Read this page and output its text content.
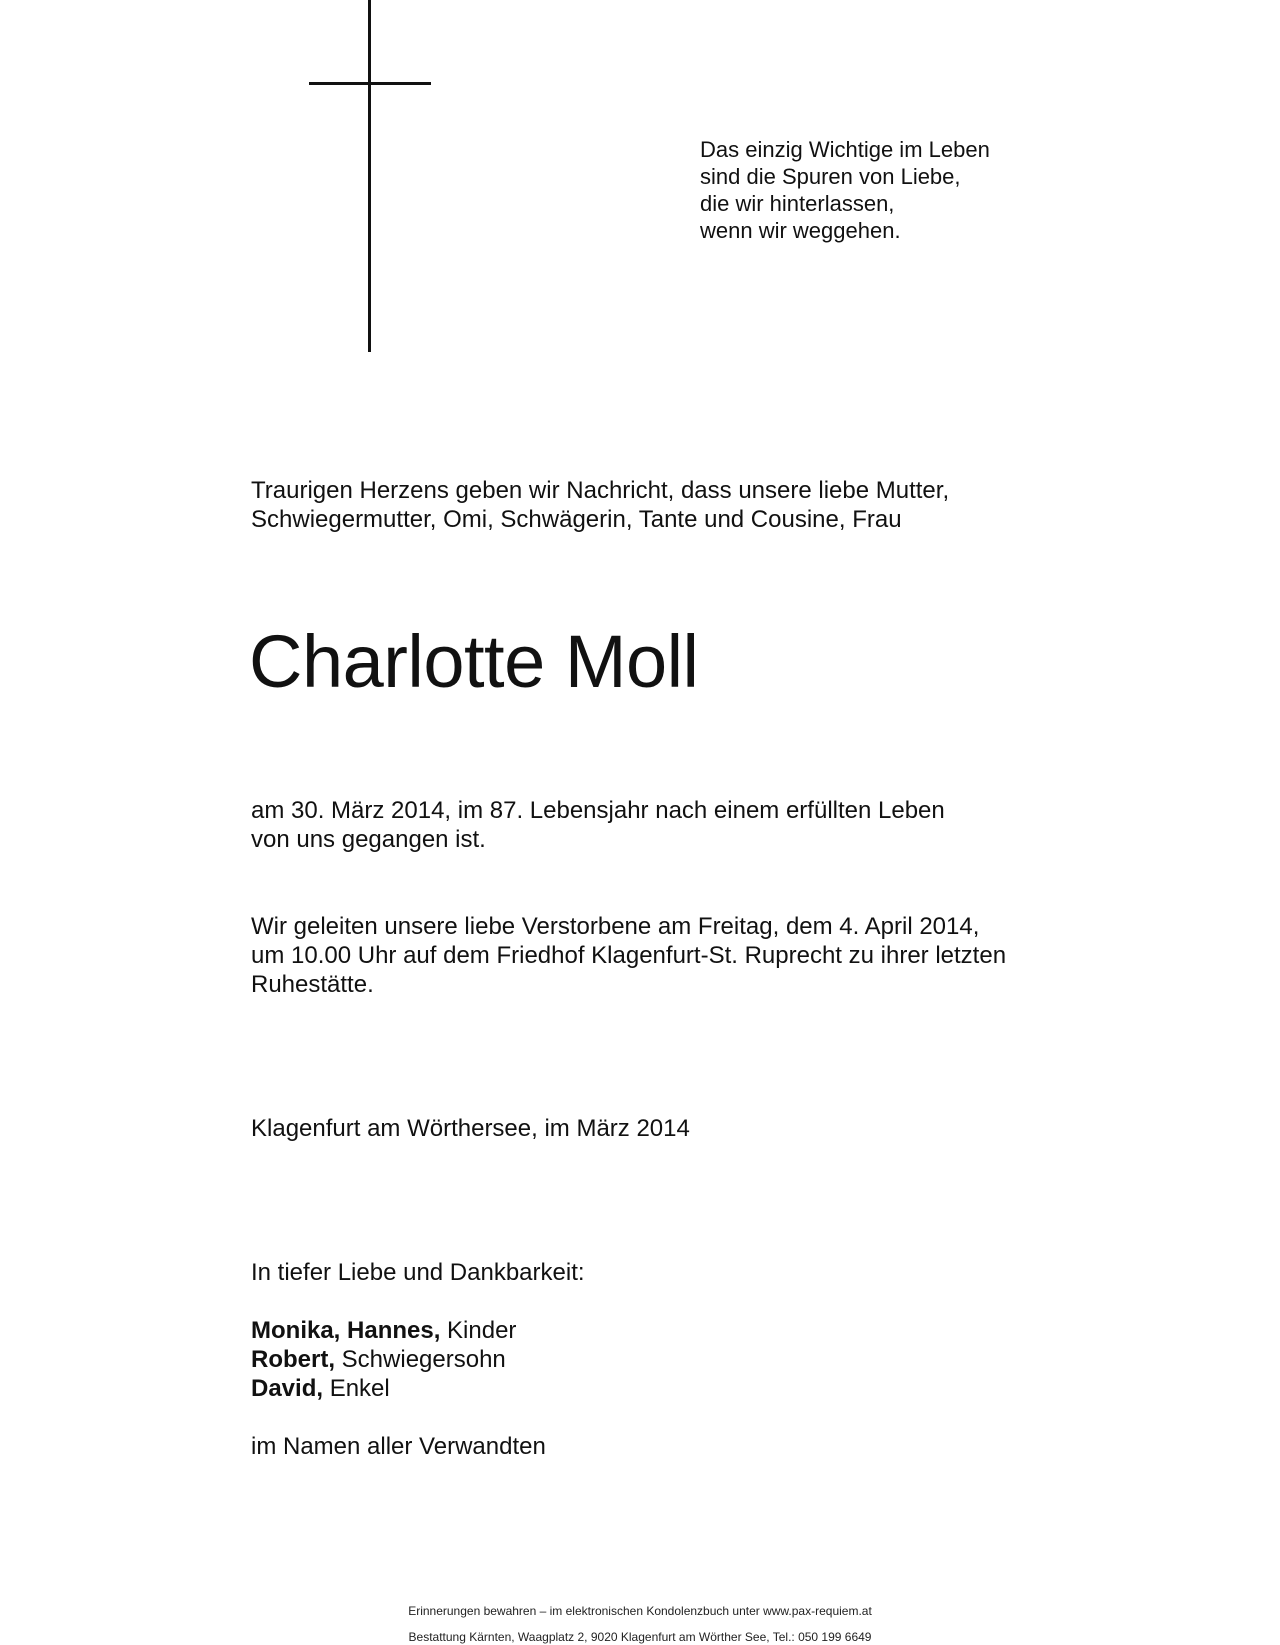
Das einzig Wichtige im Leben
sind die Spuren von Liebe,
die wir hinterlassen,
wenn wir weggehen.
Traurigen Herzens geben wir Nachricht, dass unsere liebe Mutter,
Schwiegermutter, Omi, Schwägerin, Tante und Cousine, Frau
Charlotte Moll
am 30. März 2014, im 87. Lebensjahr nach einem erfüllten Leben
von uns gegangen ist.
Wir geleiten unsere liebe Verstorbene am Freitag, dem 4. April 2014,
um 10.00 Uhr auf dem Friedhof Klagenfurt-St. Ruprecht zu ihrer letzten
Ruhestätte.
Klagenfurt am Wörthersee, im März 2014
In tiefer Liebe und Dankbarkeit:
Monika, Hannes, Kinder
Robert, Schwiegersohn
David, Enkel
im Namen aller Verwandten
Erinnerungen bewahren – im elektronischen Kondolenzbuch unter www.pax-requiem.at
Bestattung Kärnten, Waagplatz 2, 9020 Klagenfurt am Wörther See, Tel.: 050 199 6649
